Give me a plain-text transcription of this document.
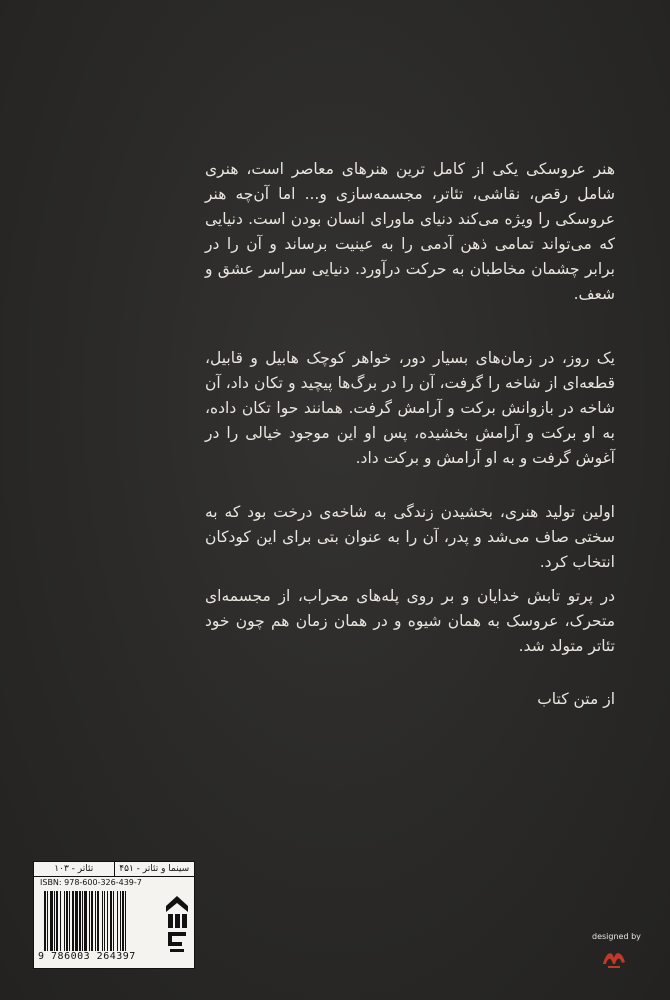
هنر عروسکی یکی از کامل ترین هنرهای معاصر است، هنری شامل رقص، نقاشی، تئاتر، مجسمه‌سازی و... اما آن‌چه هنر عروسکی را ویژه می‌کند دنیای ماورای انسان بودن است. دنیایی که می‌تواند تمامی ذهن آدمی را به عینیت برساند و آن را در برابر چشمان مخاطبان به حرکت درآورد. دنیایی سراسر عشق و شعف.
یک روز، در زمان‌های بسیار دور، خواهر کوچک هابیل و قابیل، قطعه‌ای از شاخه را گرفت، آن را در برگ‌ها پیچید و تکان داد، آن شاخه در بازوانش برکت و آرامش گرفت. همانند حوا تکان داده، به او برکت و آرامش بخشیده، پس او این موجود خیالی را در آغوش گرفت و به او آرامش و برکت داد.
اولین تولید هنری، بخشیدن زندگی به شاخه‌ی درخت بود که به سختی صاف می‌شد و پدر، آن را به عنوان بتی برای این کودکان انتخاب کرد.
در پرتو تابش خدایان و بر روی پله‌های محراب، از مجسمه‌ای متحرک، عروسک به همان شیوه و در همان زمان هم چون خود تئاتر متولد شد.
از متن کتاب
سینما و تئاتر - ۴۵۱
تئاتر - ۱۰۳
ISBN: 978-600-326-439-7
9 786003 264397
designed by
